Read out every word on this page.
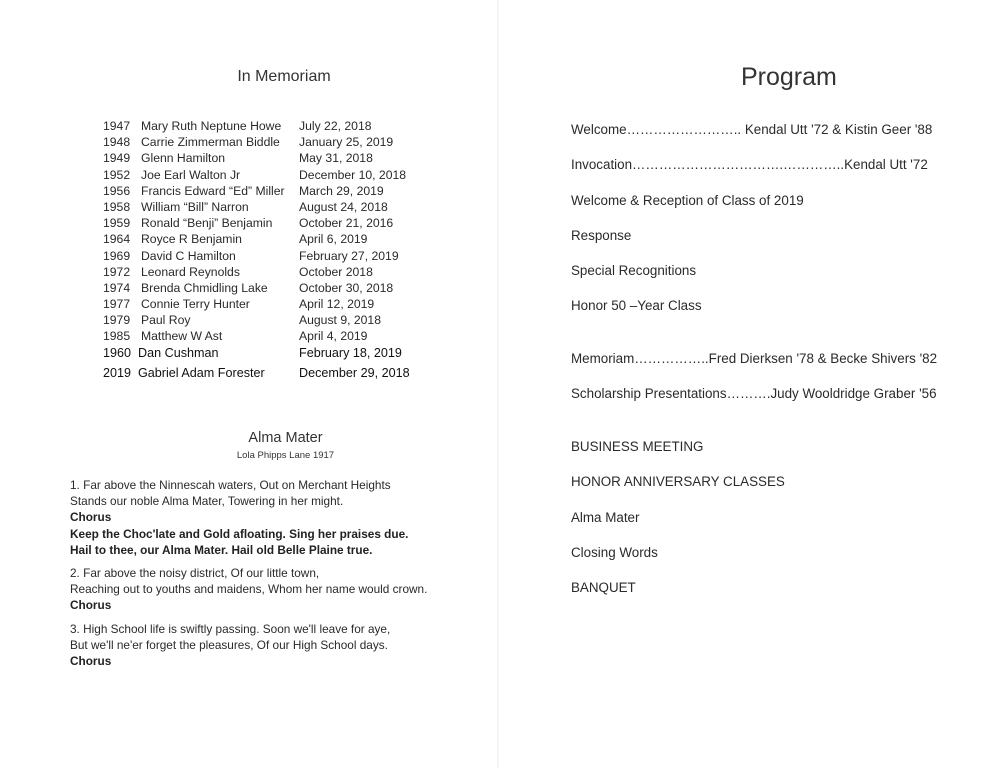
In Memoriam
1947 Mary Ruth Neptune Howe July 22, 2018
1948 Carrie Zimmerman Biddle January 25, 2019
1949 Glenn Hamilton	May 31, 2018
1952 Joe Earl Walton Jr	December 10, 2018
1956 Francis Edward “Ed” Miller March 29, 2019
1958 William “Bill” Narron	August 24, 2018
1959 Ronald “Benji” Benjamin October 21, 2016
1964 Royce R Benjamin	April 6, 2019
1969 David C Hamilton	February 27, 2019
1972 Leonard Reynolds	October 2018
1974 Brenda Chmidling Lake	October 30, 2018
1977 Connie Terry Hunter	April 12, 2019
1979 Paul Roy	August 9, 2018
1985 Matthew W Ast	April 4, 2019
1960 Dan Cushman	February 18, 2019
2019 Gabriel Adam Forester	December 29, 2018
Alma Mater
Lola Phipps Lane 1917
1. Far above the Ninnescah waters, Out on Merchant Heights
Stands our noble Alma Mater, Towering in her might.
Chorus
Keep the Choc'late and Gold afloating. Sing her praises due.
Hail to thee, our Alma Mater. Hail old Belle Plaine true.
2. Far above the noisy district, Of our little town,
Reaching out to youths and maidens, Whom her name would crown.
Chorus
3. High School life is swiftly passing. Soon we'll leave for aye,
But we'll ne'er forget the pleasures, Of our High School days.
Chorus
Program
Welcome…………………….. Kendal Utt '72 & Kistin Geer '88
Invocation…………………………….…………..Kendal Utt '72
Welcome & Reception of Class of 2019
Response
Special Recognitions
Honor 50 –Year Class
Memoriam……………..Fred Dierksen '78 & Becke Shivers '82
Scholarship Presentations……….Judy Wooldridge Graber '56
BUSINESS MEETING
HONOR ANNIVERSARY CLASSES
Alma Mater
Closing Words
BANQUET
